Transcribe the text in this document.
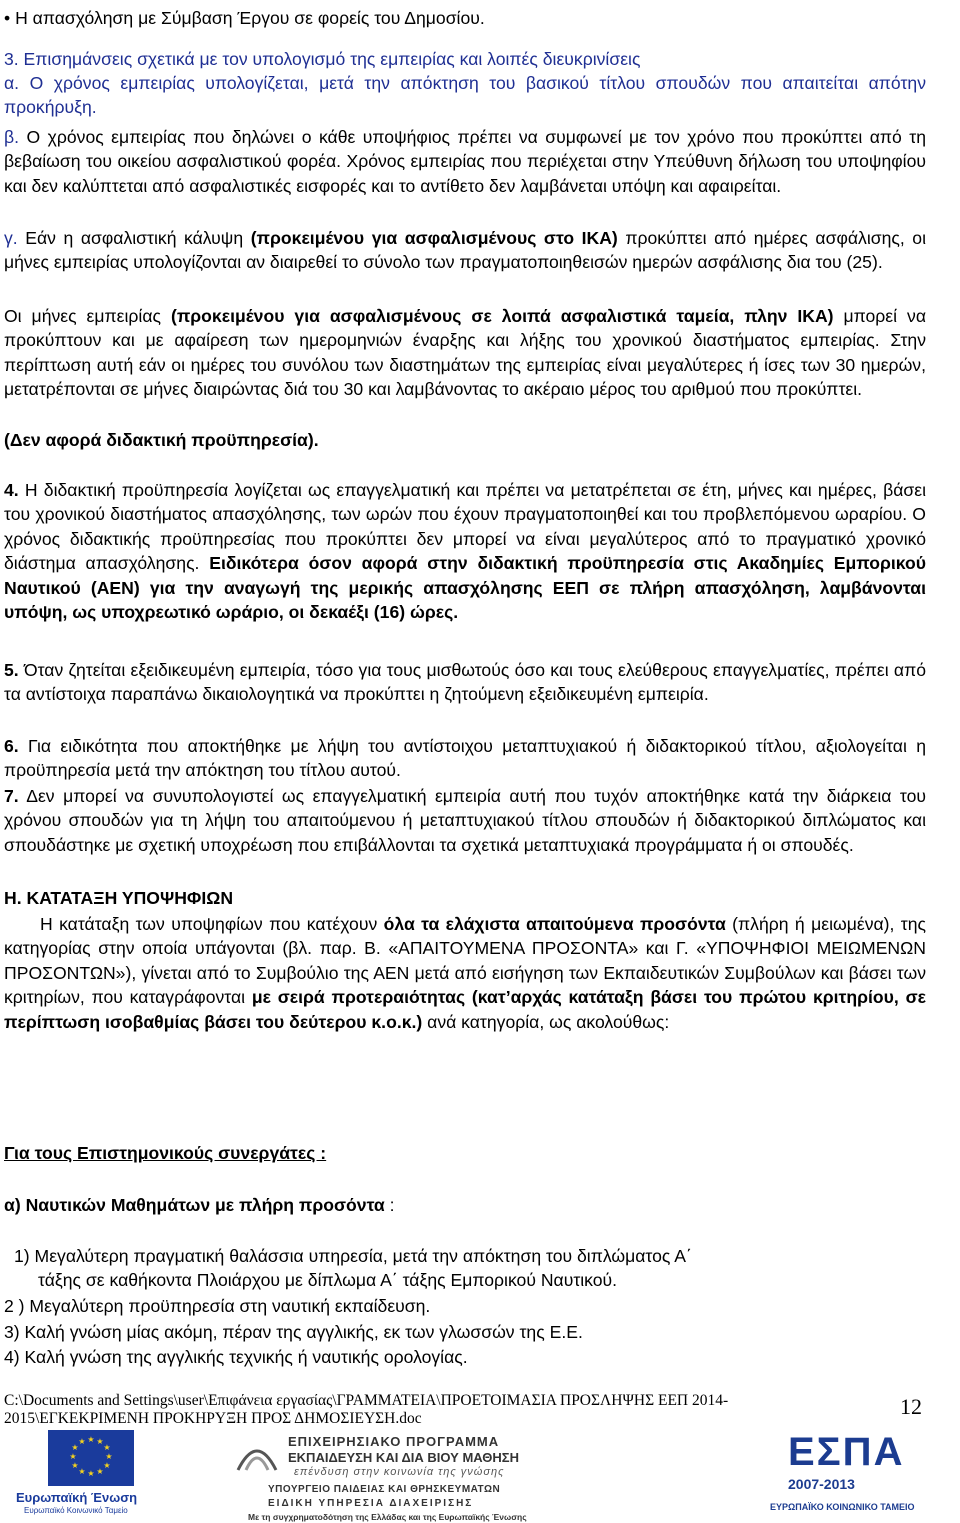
• Η απασχόληση με Σύμβαση Έργου σε φορείς του Δημοσίου.

3. Επισημάνσεις σχετικά με τον υπολογισμό της εμπειρίας και λοιπές διευκρινίσεις

α. Ο χρόνος εμπειρίας υπολογίζεται, μετά την απόκτηση του βασικού τίτλου σπουδών που απαιτείται απότην προκήρυξη.

β. Ο χρόνος εμπειρίας που δηλώνει ο κάθε υποψήφιος πρέπει να συμφωνεί με τον χρόνο που προκύπτει από τη βεβαίωση του οικείου ασφαλιστικού φορέα. Χρόνος εμπειρίας που περιέχεται στην Υπεύθυνη δήλωση του υποψηφίου και δεν καλύπτεται από ασφαλιστικές εισφορές και το αντίθετο δεν λαμβάνεται υπόψη και αφαιρείται.

γ. Εάν η ασφαλιστική κάλυψη (προκειμένου για ασφαλισμένους στο ΙΚΑ) προκύπτει από ημέρες ασφάλισης, οι μήνες εμπειρίας υπολογίζονται αν διαιρεθεί το σύνολο των πραγματοποιηθεισών ημερών ασφάλισης δια του (25).

Οι μήνες εμπειρίας (προκειμένου για ασφαλισμένους σε λοιπά ασφαλιστικά ταμεία, πλην ΙΚΑ) μπορεί να προκύπτουν και με αφαίρεση των ημερομηνιών έναρξης και λήξης του χρονικού διαστήματος εμπειρίας. Στην περίπτωση αυτή εάν οι ημέρες του συνόλου των διαστημάτων της εμπειρίας είναι μεγαλύτερες ή ίσες των 30 ημερών, μετατρέπονται σε μήνες διαιρώντας διά του 30 και λαμβάνοντας το ακέραιο μέρος του αριθμού που προκύπτει.

(Δεν αφορά διδακτική προϋπηρεσία).

4. Η διδακτική προϋπηρεσία λογίζεται ως επαγγελματική και πρέπει να μετατρέπεται σε έτη, μήνες και ημέρες, βάσει του χρονικού διαστήματος απασχόλησης, των ωρών που έχουν πραγματοποιηθεί και του προβλεπόμενου ωραρίου. Ο χρόνος διδακτικής προϋπηρεσίας που προκύπτει δεν μπορεί να είναι μεγαλύτερος από το πραγματικό χρονικό διάστημα απασχόλησης. Ειδικότερα όσον αφορά στην διδακτική προϋπηρεσία στις Ακαδημίες Εμπορικού Ναυτικού (ΑΕΝ) για την αναγωγή της μερικής απασχόλησης ΕΕΠ σε πλήρη απασχόληση, λαμβάνονται υπόψη, ως υποχρεωτικό ωράριο, οι δεκαέξι (16) ώρες.

5. Όταν ζητείται εξειδικευμένη εμπειρία, τόσο για τους μισθωτούς όσο και τους ελεύθερους επαγγελματίες, πρέπει από τα αντίστοιχα παραπάνω δικαιολογητικά να προκύπτει η ζητούμενη εξειδικευμένη εμπειρία.

6. Για ειδικότητα που αποκτήθηκε με λήψη του αντίστοιχου μεταπτυχιακού ή διδακτορικού τίτλου, αξιολογείται η προϋπηρεσία μετά την απόκτηση του τίτλου αυτού.

7. Δεν μπορεί να συνυπολογιστεί ως επαγγελματική εμπειρία αυτή που τυχόν αποκτήθηκε κατά την διάρκεια του χρόνου σπουδών για τη λήψη του απαιτούμενου ή μεταπτυχιακού τίτλου σπουδών ή διδακτορικού διπλώματος και σπουδάστηκε με σχετική υποχρέωση που επιβάλλονται τα σχετικά μεταπτυχιακά προγράμματα ή οι σπουδές.

Η. ΚΑΤΑΤΑΞΗ ΥΠΟΨΗΦΙΩΝ

Η κατάταξη των υποψηφίων που κατέχουν όλα τα ελάχιστα απαιτούμενα προσόντα (πλήρη ή μειωμένα), της κατηγορίας στην οποία υπάγονται (βλ. παρ. Β. «ΑΠΑΙΤΟΥΜΕΝΑ ΠΡΟΣΟΝΤΑ» και Γ. «ΥΠΟΨΗΦΙΟΙ ΜΕΙΩΜΕΝΩΝ ΠΡΟΣΟΝΤΩΝ»), γίνεται από το Συμβούλιο της ΑΕΝ μετά από εισήγηση των Εκπαιδευτικών Συμβούλων και βάσει των κριτηρίων, που καταγράφονται με σειρά προτεραιότητας (κατ’αρχάς κατάταξη βάσει του πρώτου κριτηρίου, σε περίπτωση ισοβαθμίας βάσει του δεύτερου κ.ο.κ.) ανά κατηγορία, ως ακολούθως:

Για τους Επιστημονικούς συνεργάτες :

α) Ναυτικών Μαθημάτων με πλήρη προσόντα :

1) Μεγαλύτερη πραγματική θαλάσσια υπηρεσία, μετά την απόκτηση του διπλώματος Α΄

τάξης σε καθήκοντα Πλοιάρχου με δίπλωμα Α΄ τάξης Εμπορικού Ναυτικού.

2 ) Μεγαλύτερη προϋπηρεσία στη ναυτική εκπαίδευση.

3) Καλή γνώση μίας ακόμη, πέραν της αγγλικής, εκ των γλωσσών της Ε.Ε.

4) Καλή γνώση της αγγλικής τεχνικής ή ναυτικής ορολογίας.

C:\Documents and Settings\user\Επιφάνεια εργασίας\ΓΡΑΜΜΑΤΕΙΑ\ΠΡΟΕΤΟΙΜΑΣΙΑ ΠΡΟΣΛΗΨΗΣ ΕΕΠ 2014-
2015\ΕΓΚΕΚΡΙΜΕΝΗ ΠΡΟΚΗΡΥΞΗ ΠΡΟΣ ΔΗΜΟΣΙΕΥΣΗ.doc	12
★ ★
★
★
★
★
★
★
★
★
★
★
Ευρωπαϊκή Ένωση
Ευρωπαϊκό Κοινωνικό Ταμείο
ΕΠΙΧΕΙΡΗΣΙΑΚΟ ΠΡΟΓΡΑΜΜΑ
ΕΚΠΑΙΔΕΥΣΗ ΚΑΙ ΔΙΑ ΒΙΟΥ ΜΑΘΗΣΗ
επένδυση στην κοινωνία της γνώσης
ΥΠΟΥΡΓΕΙΟ ΠΑΙΔΕΙΑΣ ΚΑΙ ΘΡΗΣΚΕΥΜΑΤΩΝ
ΕΙΔΙΚΗ ΥΠΗΡΕΣΙΑ ΔΙΑΧΕΙΡΙΣΗΣ
Με τη συγχρηματοδότηση της Ελλάδας και της Ευρωπαϊκής Ένωσης
ΕΣΠΑ
2007-2013
ΕΥΡΩΠΑΪΚΟ ΚΟΙΝΩΝΙΚΟ ΤΑΜΕΙΟ
